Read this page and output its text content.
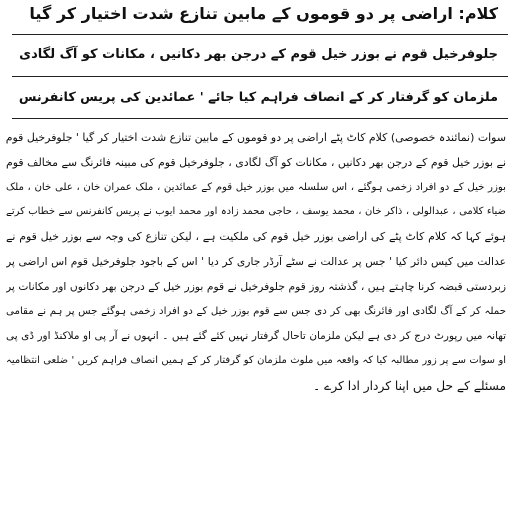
کلام: اراضی پر دو قوموں کے مابین تنازع شدت اختیار کر گیا
جلوفرخیل قوم نے بوزر خیل قوم کے درجن بھر دکانیں ، مکانات کو آگ لگادی
ملزمان کو گرفتار کر کے انصاف فراہم کیا جائے ' عمائدین کی پریس کانفرنس
سوات (نمائندہ خصوصی) کلام کاٹ پٹے اراضی پر دو قوموں کے مابین تنازع شدت اختیار کر گیا ' جلوفرخیل قوم
نے بوزر خیل قوم کے درجن بھر دکانیں ، مکانات کو آگ لگادی ، جلوفرخیل قوم کی مبینہ فائرنگ سے مخالف قوم
بوزر خیل کے دو افراد زخمی ہوگئے ، اس سلسلہ میں بوزر خیل قوم کے عمائدین ، ملک عمران خان ، علی خان ، ملک
ضیاء کلامی ، عبدالولی ، ذاکر خان ، محمد یوسف ، حاجی محمد زادہ اور محمد ایوب نے پریس کانفرنس سے خطاب کرتے
ہوئے کہا کہ کلام کاٹ پٹے کی اراضی بوزر خیل قوم کی ملکیت ہے ، لیکن تنازع کی وجہ سے بوزر خیل قوم نے
عدالت میں کیس دائر کیا ' جس پر عدالت نے سٹے آرڈر جاری کر دیا ' اس کے باجود جلوفرخیل قوم اس اراضی پر
زبردستی قبضہ کرنا چاہتے ہیں ، گذشتہ روز قوم جلوفرخیل نے قوم بوزر خیل کے درجن بھر دکانوں اور مکانات پر
حملہ کر کے آگ لگادی اور فائرنگ بھی کر دی جس سے قوم بوزر خیل کے دو افراد زخمی ہوگئے جس پر ہم نے مقامی
تھانہ میں رپورٹ درج کر دی ہے لیکن ملزمان تاحال گرفتار نہیں کئے گئے ہیں ۔ انہوں نے آر پی او ملاکنڈ اور ڈی پی
او سوات سے پر زور مطالبہ کیا کہ واقعہ میں ملوث ملزمان کو گرفتار کر کے ہمیں انصاف فراہم کریں ' ضلعی انتظامیہ
مسئلے کے حل میں اپنا کردار ادا کرے ۔
